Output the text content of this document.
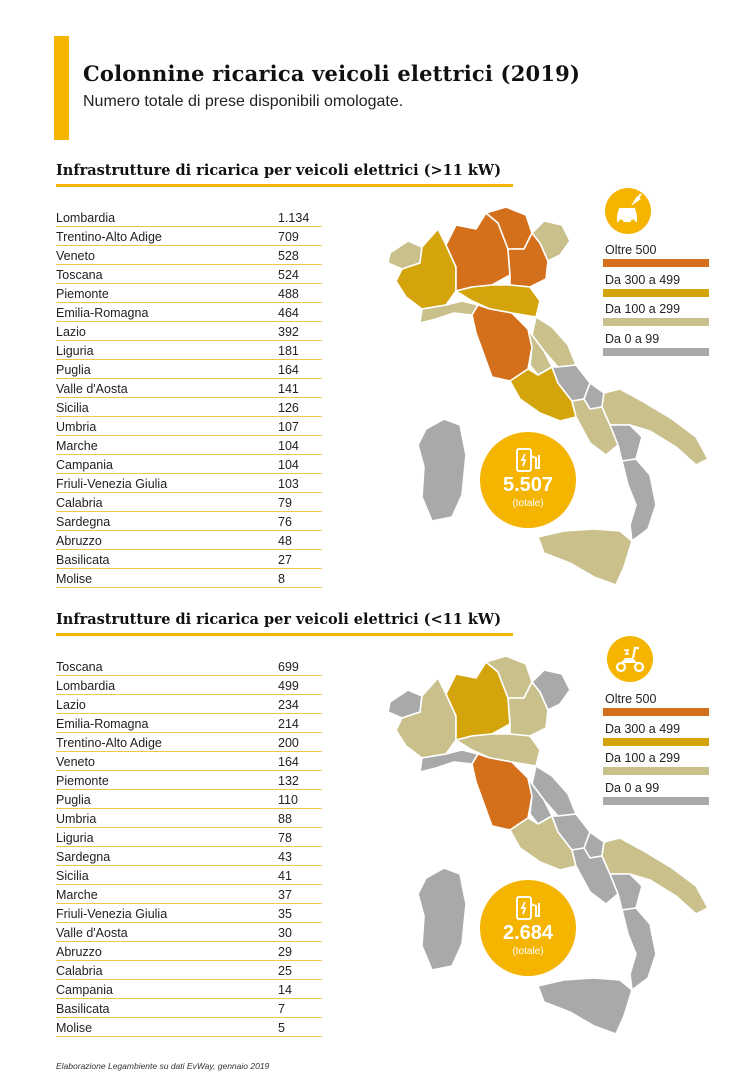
Colonnine ricarica veicoli elettrici (2019)
Numero totale di prese disponibili omologate.
Infrastrutture di ricarica per veicoli elettrici (>11 kW)
Lombardia	1.134
Trentino-Alto Adige	709
Veneto	528
Toscana	524
Piemonte	488
Emilia-Romagna	464
Lazio	392
Liguria	181
Puglia	164
Valle d'Aosta	141
Sicilia	126
Umbria	107
Marche	104
Campania	104
Friuli-Venezia Giulia	103
Calabria	79
Sardegna	76
Abruzzo	48
Basilicata	27
Molise	8
Oltre 500
Da 300 a 499
Da 100 a 299
Da 0 a 99
5.507
(totale)
Infrastrutture di ricarica per veicoli elettrici (<11 kW)
Toscana	699
Lombardia	499
Lazio	234
Emilia-Romagna	214
Trentino-Alto Adige	200
Veneto	164
Piemonte	132
Puglia	110
Umbria	88
Liguria	78
Sardegna	43
Sicilia	41
Marche	37
Friuli-Venezia Giulia	35
Valle d'Aosta	30
Abruzzo	29
Calabria	25
Campania	14
Basilicata	7
Molise	5
Oltre 500
Da 300 a 499
Da 100 a 299
Da 0 a 99
2.684
(totale)
Elaborazione Legambiente su dati EvWay, gennaio 2019
